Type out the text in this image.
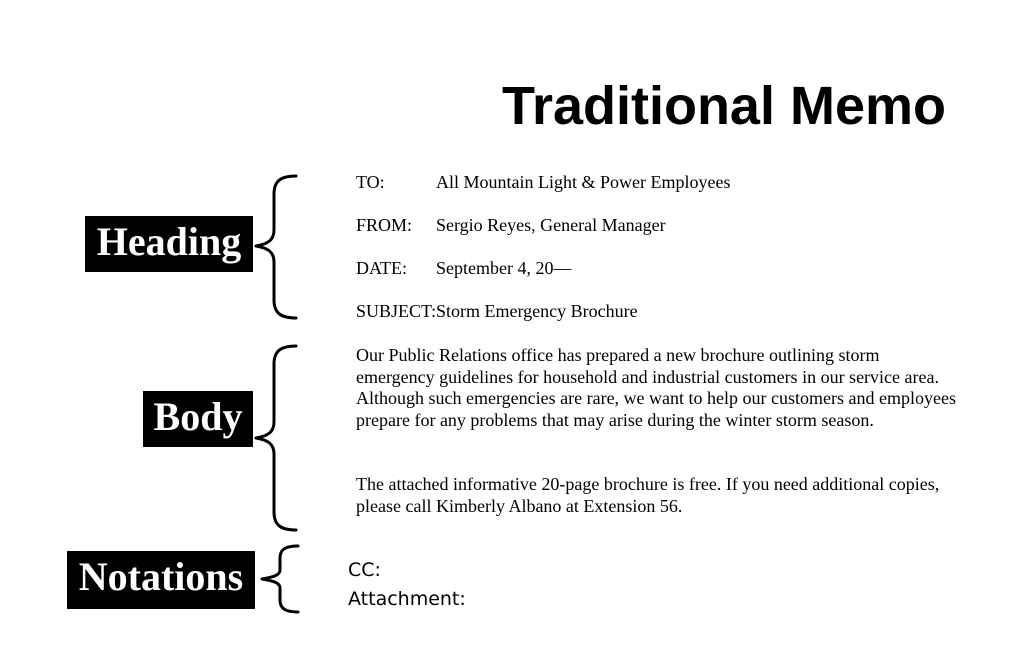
Traditional Memo
Heading
Body
Notations
TO:	All Mountain Light & Power Employees
FROM: Sergio Reyes, General Manager
DATE: September 4, 20—
SUBJECT:Storm Emergency Brochure

Our Public Relations office has prepared a new brochure outlining storm emergency guidelines for household and industrial customers in our service area. Although such emergencies are rare, we want to help our customers and employees prepare for any problems that may arise during the winter storm season.

The attached informative 20-page brochure is free. If you need additional copies, please call Kimberly Albano at Extension 56.

CC:
Attachment:
